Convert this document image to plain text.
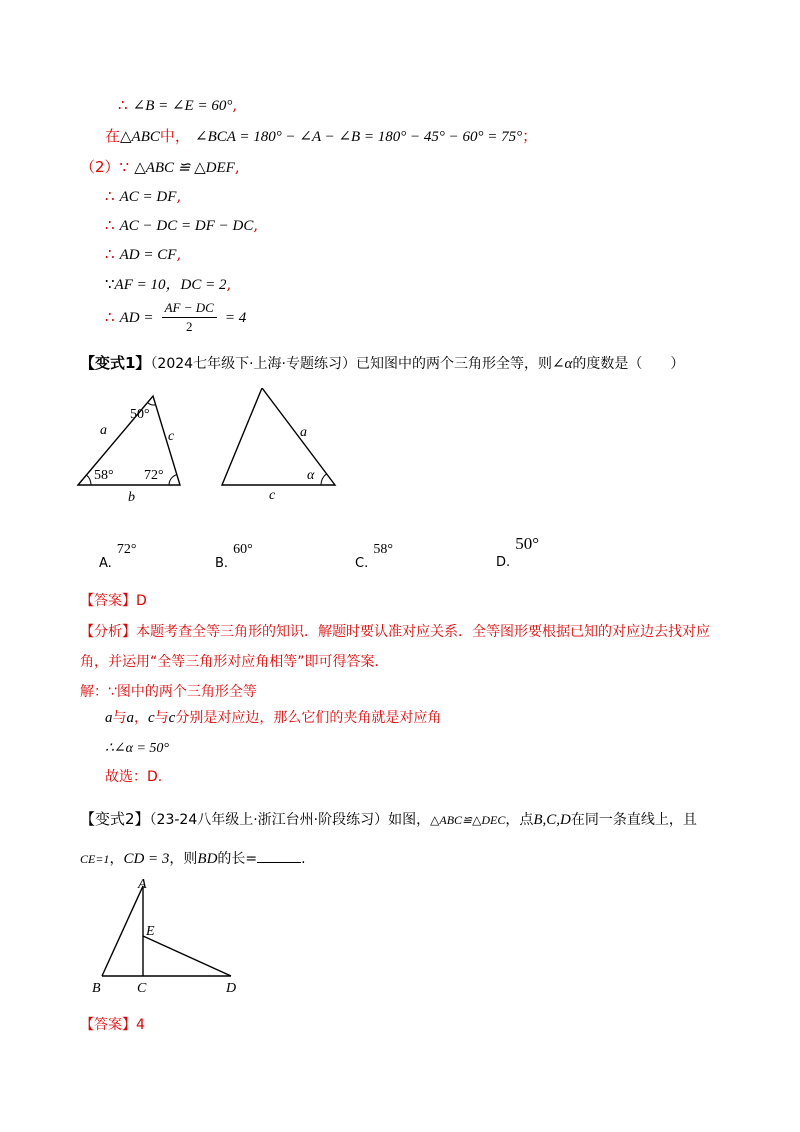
∴ ∠B = ∠E = 60°,
在△ABC中， ∠BCA = 180° − ∠A − ∠B = 180° − 45° − 60° = 75°；
（2）∵ △ABC ≌ △DEF,
∴ AC = DF,
∴ AC − DC = DF − DC,
∴ AD = CF,
∵AF = 10，DC = 2,
∴ AD = $\frac{AF - DC}{2} = 4$
【变式1】（2024七年级下·上海·专题练习）已知图中的两个三角形全等，则∠α的度数是（　　）
50°
58° 72°
a	c
b
a
α
c
$_{A.}$ 72°
$_{B.}$ 60°
$_{C.}$ 58°
$_{D.}$ 50°
【答案】D
【分析】本题考查全等三角形的知识．解题时要认准对应关系．全等图形要根据已知的对应边去找对应
角，并运用“全等三角形对应角相等”即可得答案．
解：∵图中的两个三角形全等
a与a，c与c分别是对应边，那么它们的夹角就是对应角
∴∠α = 50°
故选：D.
【变式2】（23-24八年级上·浙江台州·阶段练习）如图，△ABC≌△DEC，点B,C,D在同一条直线上，且
CE=1，CD = 3，则BD的长=	.
A
E
B	C	D
【答案】4
